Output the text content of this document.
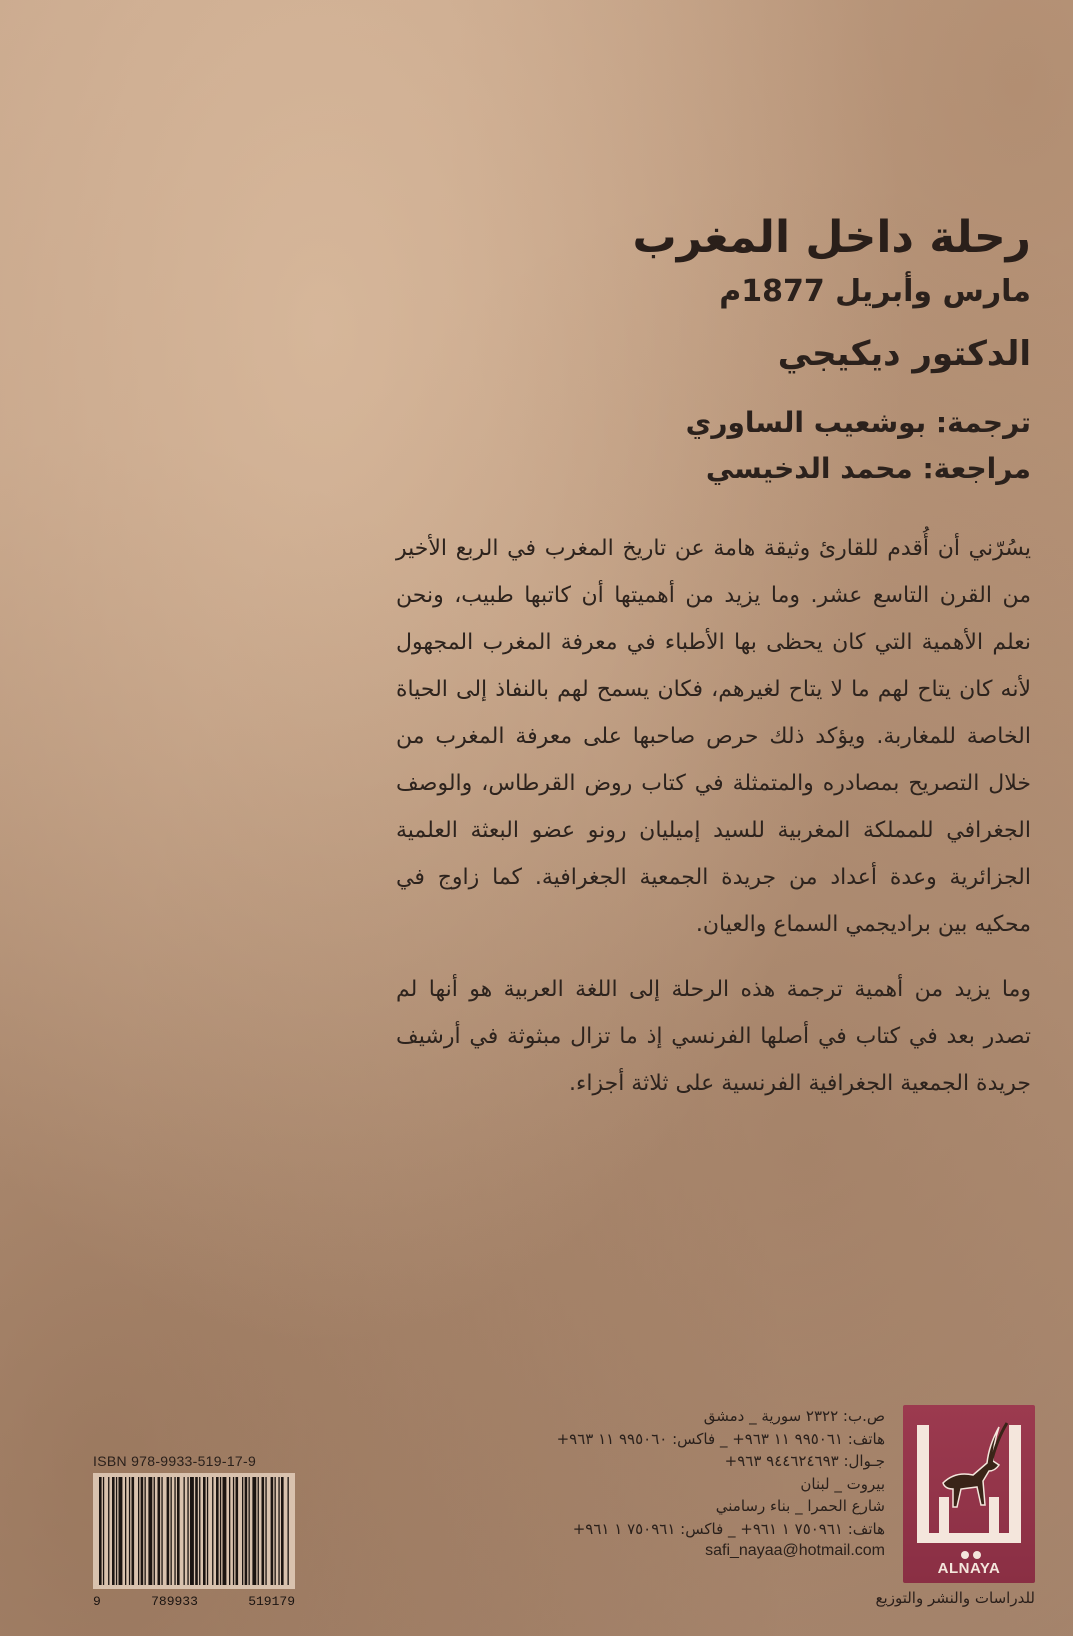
رحلة داخل المغرب
مارس وأبريل 1877م
الدكتور ديكيجي
ترجمة: بوشعيب الساوري
مراجعة: محمد الدخيسي

يسُرّني أن أُقدم للقارئ وثيقة هامة عن تاريخ المغرب في الربع الأخير من القرن التاسع عشر. وما يزيد من أهميتها أن كاتبها طبيب، ونحن نعلم الأهمية التي كان يحظى بها الأطباء في معرفة المغرب المجهول لأنه كان يتاح لهم ما لا يتاح لغيرهم، فكان يسمح لهم بالنفاذ إلى الحياة الخاصة للمغاربة. ويؤكد ذلك حرص صاحبها على معرفة المغرب من خلال التصريح بمصادره والمتمثلة في كتاب روض القرطاس، والوصف الجغرافي للمملكة المغربية للسيد إميليان رونو عضو البعثة العلمية الجزائرية وعدة أعداد من جريدة الجمعية الجغرافية. كما زاوج في محكيه بين براديجمي السماع والعيان.

وما يزيد من أهمية ترجمة هذه الرحلة إلى اللغة العربية هو أنها لم تصدر بعد في كتاب في أصلها الفرنسي إذ ما تزال مبثوثة في أرشيف جريدة الجمعية الجغرافية الفرنسية على ثلاثة أجزاء.

ALNAYA
للدراسات والنشر والتوزيع
ص.ب: ٢٣٢٢ سورية _ دمشق
هاتف: ٩٩٥٠٦١ ١١ ٩٦٣+ _ فاكس: ٩٩٥٠٦٠ ١١ ٩٦٣+
جـوال: ٩٤٤٦٢٤٦٩٣ ٩٦٣+
بيروت _ لبنان
شارع الحمرا _ بناء رسامني
هاتف: ٧٥٠٩٦١ ١ ٩٦١+ _ فاكس: ٧٥٠٩٦١ ١ ٩٦١+
safi_nayaa@hotmail.com
ISBN 978-9933-519-17-9
9	789933	519179
